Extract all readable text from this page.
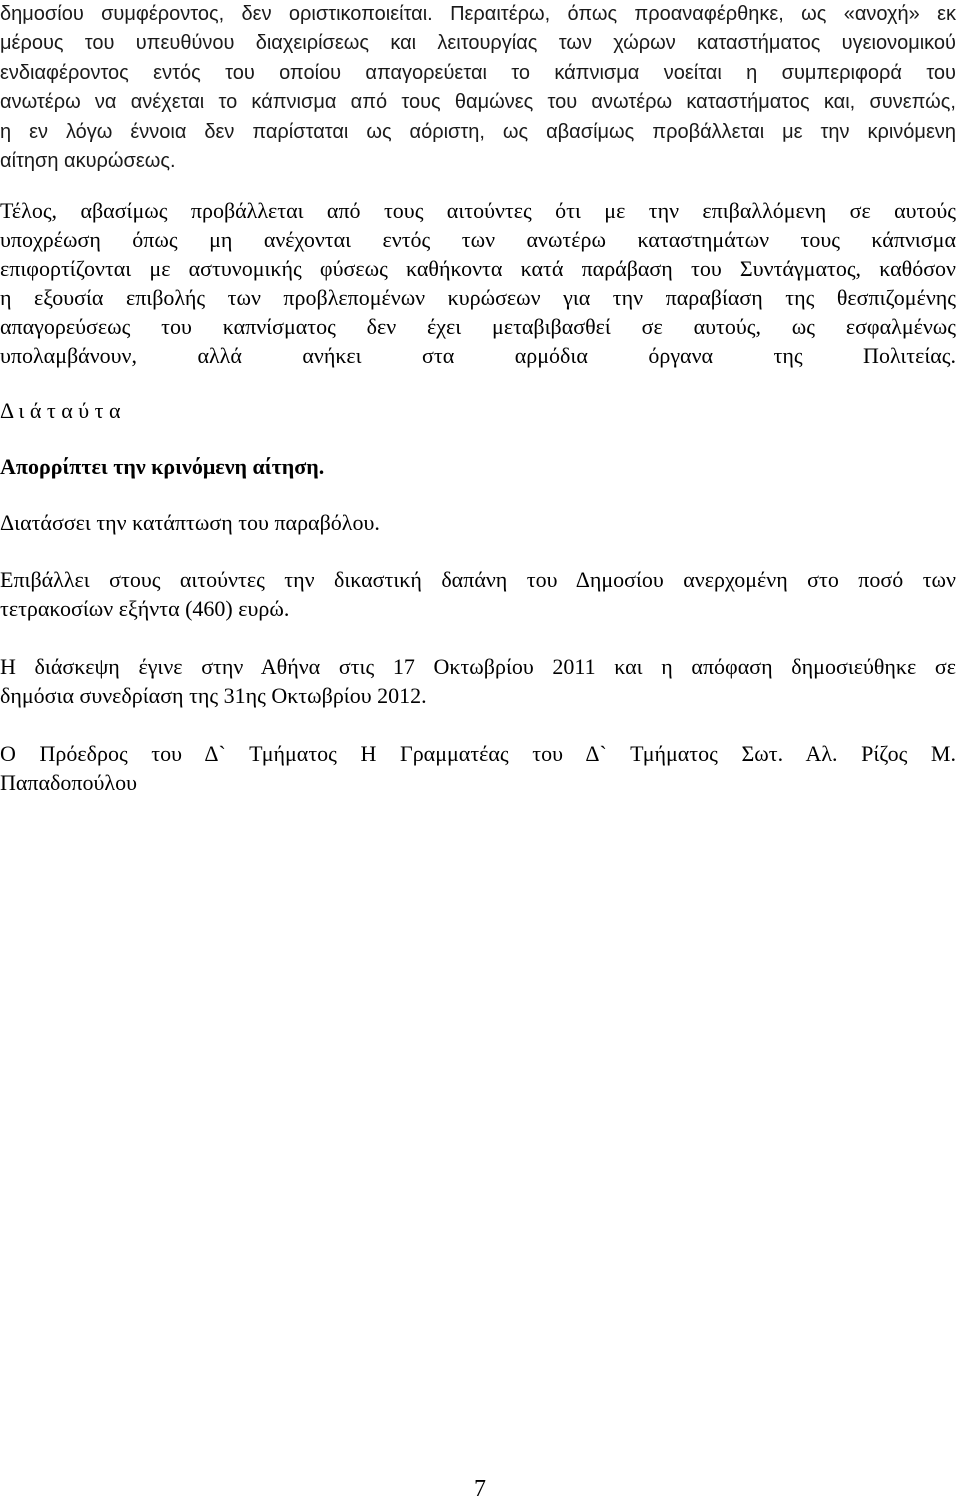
δημοσίου συμφέροντος, δεν οριστικοποιείται. Περαιτέρω, όπως προαναφέρθηκε, ως «ανοχή» εκ
μέρους του υπευθύνου διαχειρίσεως και λειτουργίας των χώρων καταστήματος υγειονομικού
ενδιαφέροντος εντός του οποίου απαγορεύεται το κάπνισμα νοείται η συμπεριφορά του
ανωτέρω να ανέχεται το κάπνισμα από τους θαμώνες του ανωτέρω καταστήματος και, συνεπώς,
η εν λόγω έννοια δεν παρίσταται ως αόριστη, ως αβασίμως προβάλλεται με την κρινόμενη
αίτηση ακυρώσεως.
Τέλος, αβασίμως προβάλλεται από τους αιτούντες ότι με την επιβαλλόμενη σε αυτούς
υποχρέωση όπως μη ανέχονται εντός των ανωτέρω καταστημάτων τους κάπνισμα
επιφορτίζονται με αστυνομικής φύσεως καθήκοντα κατά παράβαση του Συντάγματος, καθόσον
η εξουσία επιβολής των προβλεπομένων κυρώσεων για την παραβίαση της θεσπιζομένης
απαγορεύσεως του καπνίσματος δεν έχει μεταβιβασθεί σε αυτούς, ως εσφαλμένως
υπολαμβάνουν, αλλά ανήκει στα αρμόδια όργανα της Πολιτείας.
Δ ι ά τ α ύ τ α
Απορρίπτει την κρινόμενη αίτηση.
Διατάσσει την κατάπτωση του παραβόλου.
Επιβάλλει στους αιτούντες την δικαστική δαπάνη του Δημοσίου ανερχομένη στο ποσό των
τετρακοσίων εξήντα (460) ευρώ.
Η διάσκεψη έγινε στην Αθήνα στις 17 Οκτωβρίου 2011 και η απόφαση δημοσιεύθηκε σε
δημόσια συνεδρίαση της 31ης Οκτωβρίου 2012.
Ο Πρόεδρος του Δ` Τμήματος Η Γραμματέας του Δ` Τμήματος Σωτ. Αλ. Ρίζος Μ.
Παπαδοπούλου

7
